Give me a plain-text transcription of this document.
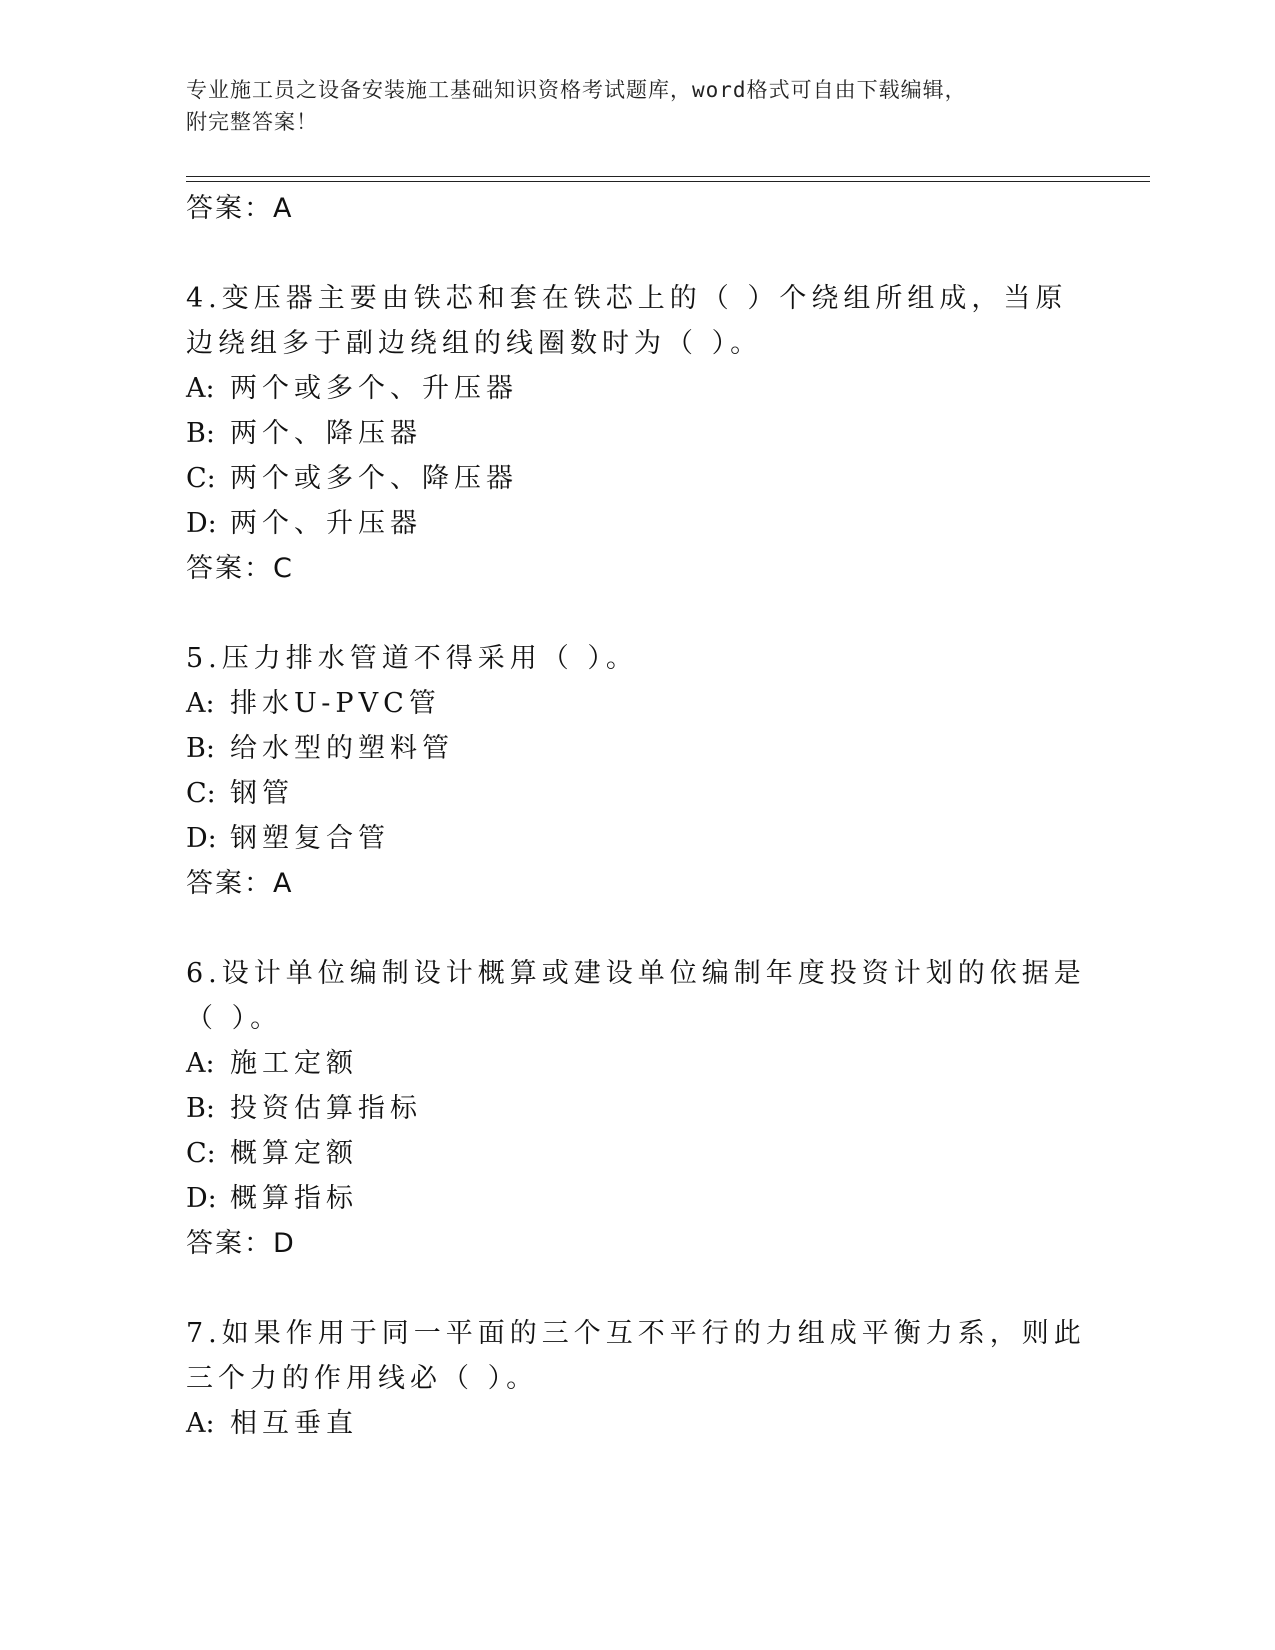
专业施工员之设备安装施工基础知识资格考试题库，word格式可自由下载编辑，
附完整答案！
答案：A
4.变压器主要由铁芯和套在铁芯上的（ ）个绕组所组成，当原边绕组多于副边绕组的线圈数时为（ ）。
A: 两个或多个、升压器
B: 两个、降压器
C: 两个或多个、降压器
D: 两个、升压器
答案：C
5.压力排水管道不得采用（ ）。
A: 排水U-PVC管
B: 给水型的塑料管
C: 钢管
D: 钢塑复合管
答案：A
6.设计单位编制设计概算或建设单位编制年度投资计划的依据是（ ）。
A: 施工定额
B: 投资估算指标
C: 概算定额
D: 概算指标
答案：D
7.如果作用于同一平面的三个互不平行的力组成平衡力系，则此三个力的作用线必（ ）。
A: 相互垂直
